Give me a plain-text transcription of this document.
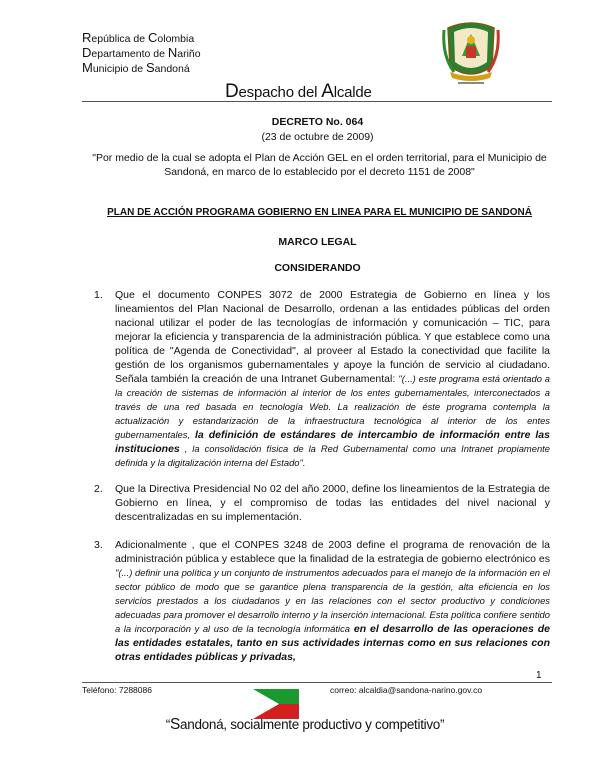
República de Colombia
Departamento de Nariño
Municipio de Sandoná
Despacho del Alcalde
DECRETO No. 064
(23 de octubre de 2009)
"Por medio de la cual se adopta el Plan de Acción GEL en el orden territorial, para el Municipio de Sandoná, en marco de lo establecido por el decreto 1151 de 2008"
PLAN DE ACCIÓN PROGRAMA GOBIERNO EN LINEA PARA EL MUNICIPIO DE SANDONÁ
MARCO LEGAL
CONSIDERANDO
1. Que el documento CONPES 3072 de 2000 Estrategia de Gobierno en línea y los lineamientos del Plan Nacional de Desarrollo, ordenan a las entidades públicas del orden nacional utilizar el poder de las tecnologías de información y comunicación – TIC, para mejorar la eficiencia y transparencia de la administración pública. Y que establece como una política de "Agenda de Conectividad", al proveer al Estado la conectividad que facilite la gestión de los organismos gubernamentales y apoye la función de servicio al ciudadano. Señala también la creación de una Intranet Gubernamental: "(...) este programa está orientado a la creación de sistemas de información al interior de los entes gubernamentales, interconectados a través de una red basada en tecnología Web. La realización de éste programa contempla la actualización y estandarización de la infraestructura tecnológica al interior de los entes gubernamentales, la definición de estándares de intercambio de información entre las instituciones , la consolidación física de la Red Gubernamental como una Intranet propiamente definida y la digitalización interna del Estado".
2. Que la Directiva Presidencial No 02 del año 2000, define los lineamientos de la Estrategia de Gobierno en línea, y el compromiso de todas las entidades del nivel nacional y descentralizadas en su implementación.
3. Adicionalmente , que el CONPES 3248 de 2003 define el programa de renovación de la administración pública y establece que la finalidad de la estrategia de gobierno electrónico es "(...) definir una política y un conjunto de instrumentos adecuados para el manejo de la información en el sector público de modo que se garantice plena transparencia de la gestión, alta eficiencia en los servicios prestados a los ciudadanos y en las relaciones con el sector productivo y condiciones adecuadas para promover el desarrollo interno y la inserción internacional. Esta política confiere sentido a la incorporación y al uso de la tecnología informática en el desarrollo de las operaciones de las entidades estatales, tanto en sus actividades internas como en sus relaciones con otras entidades públicas y privadas,
1
Teléfono: 7288086	correo: alcaldia@sandona-narino.gov.co
“Sandoná, socialmente productivo y competitivo”
